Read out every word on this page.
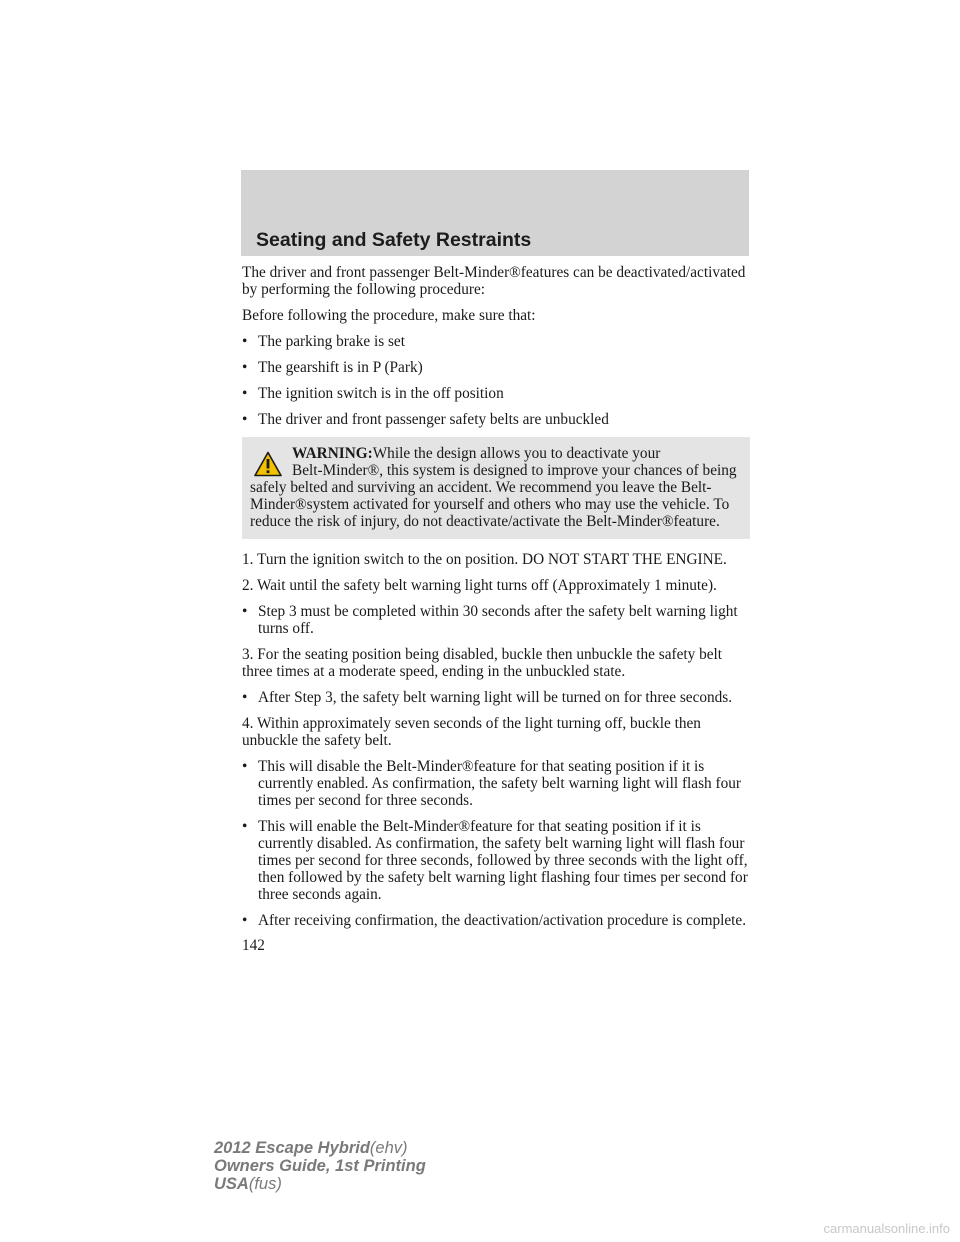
Seating and Safety Restraints

The driver and front passenger Belt-Minder®features can be deactivated/activated by performing the following procedure:

Before following the procedure, make sure that:

• The parking brake is set
• The gearshift is in P (Park)
• The ignition switch is in the off position
• The driver and front passenger safety belts are unbuckled
WARNING:While the design allows you to deactivate your
Belt-Minder®, this system is designed to improve your chances of being safely belted and surviving an accident. We recommend you leave the Belt-Minder®system activated for yourself and others who may use the vehicle. To reduce the risk of injury, do not deactivate/activate the Belt-Minder®feature.

1. Turn the ignition switch to the on position. DO NOT START THE ENGINE.

2. Wait until the safety belt warning light turns off (Approximately 1 minute).

• Step 3 must be completed within 30 seconds after the safety belt warning light turns off.

3. For the seating position being disabled, buckle then unbuckle the safety belt three times at a moderate speed, ending in the unbuckled state.

• After Step 3, the safety belt warning light will be turned on for three seconds.

4. Within approximately seven seconds of the light turning off, buckle then unbuckle the safety belt.

• This will disable the Belt-Minder®feature for that seating position if it is currently enabled. As confirmation, the safety belt warning light will flash four times per second for three seconds.
• This will enable the Belt-Minder®feature for that seating position if it is currently disabled. As confirmation, the safety belt warning light will flash four times per second for three seconds, followed by three seconds with the light off, then followed by the safety belt warning light flashing four times per second for three seconds again.
• After receiving confirmation, the deactivation/activation procedure is complete.
142
2012 Escape Hybrid(ehv)
Owners Guide, 1st Printing
USA(fus)
carmanualsonline.info
